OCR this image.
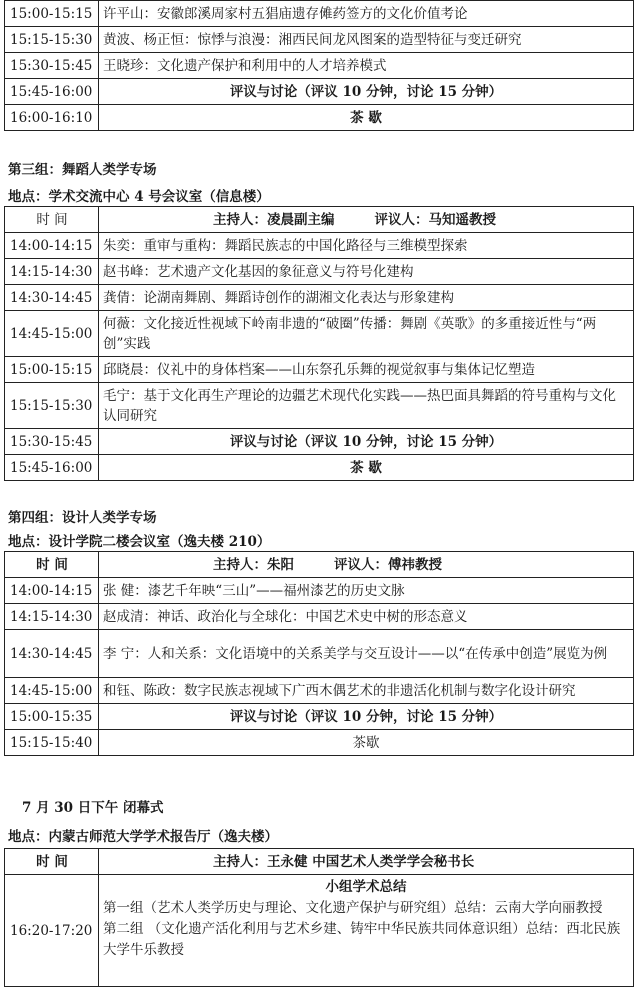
15:00-15:15	许平山：安徽郎溪周家村五猖庙遗存傩药签方的文化价值考论
15:15-15:30	黄波、杨正恒：惊悸与浪漫：湘西民间龙风图案的造型特征与变迁研究
15:30-15:45	王晓珍：文化遗产保护和利用中的人才培养模式
15:45-16:00	评议与讨论（评议 10 分钟，讨论 15 分钟）
16:00-16:10	茶 歇
第三组：舞蹈人类学专场
地点：学术交流中心 4 号会议室（信息楼）
时 间	主持人：凌晨副主编 评议人：马知遥教授
14:00-14:15	朱奕：重审与重构：舞蹈民族志的中国化路径与三维模型探索
14:15-14:30	赵书峰：艺术遗产文化基因的象征意义与符号化建构
14:30-14:45	龚倩：论湖南舞剧、舞蹈诗创作的湖湘文化表达与形象建构
14:45-15:00	何薇：文化接近性视域下岭南非遗的“破圈”传播：舞剧《英歌》的多重接近性与“两创”实践
15:00-15:15	邱晓晨：仪礼中的身体档案——山东祭孔乐舞的视觉叙事与集体记忆塑造
15:15-15:30	毛宁：基于文化再生产理论的边疆艺术现代化实践——热巴面具舞蹈的符号重构与文化认同研究
15:30-15:45	评议与讨论（评议 10 分钟，讨论 15 分钟）
15:45-16:00	茶 歇
第四组：设计人类学专场
地点：设计学院二楼会议室（逸夫楼 210）
时 间	主持人：朱阳 评议人：傅祎教授
14:00-14:15	张 健：漆艺千年映“三山”——福州漆艺的历史文脉
14:15-14:30	赵成清：神话、政治化与全球化：中国艺术史中树的形态意义
14:30-14:45	李 宁：人和关系：文化语境中的关系美学与交互设计——以“在传承中创造”展览为例
14:45-15:00	和钰、陈政：数字民族志视域下广西木偶艺术的非遗活化机制与数字化设计研究
15:00-15:35	评议与讨论（评议 10 分钟，讨论 15 分钟）
15:15-15:40	茶歇
7 月 30 日下午 闭幕式
地点：内蒙古师范大学学术报告厅（逸夫楼）
时 间	主持人：王永健 中国艺术人类学学会秘书长
16:20-17:20	小组学术总结
第一组（艺术人类学历史与理论、文化遗产保护与研究组）总结：云南大学向丽教授
第二组 （文化遗产活化利用与艺术乡建、铸牢中华民族共同体意识组）总结：西北民族大学牛乐教授
